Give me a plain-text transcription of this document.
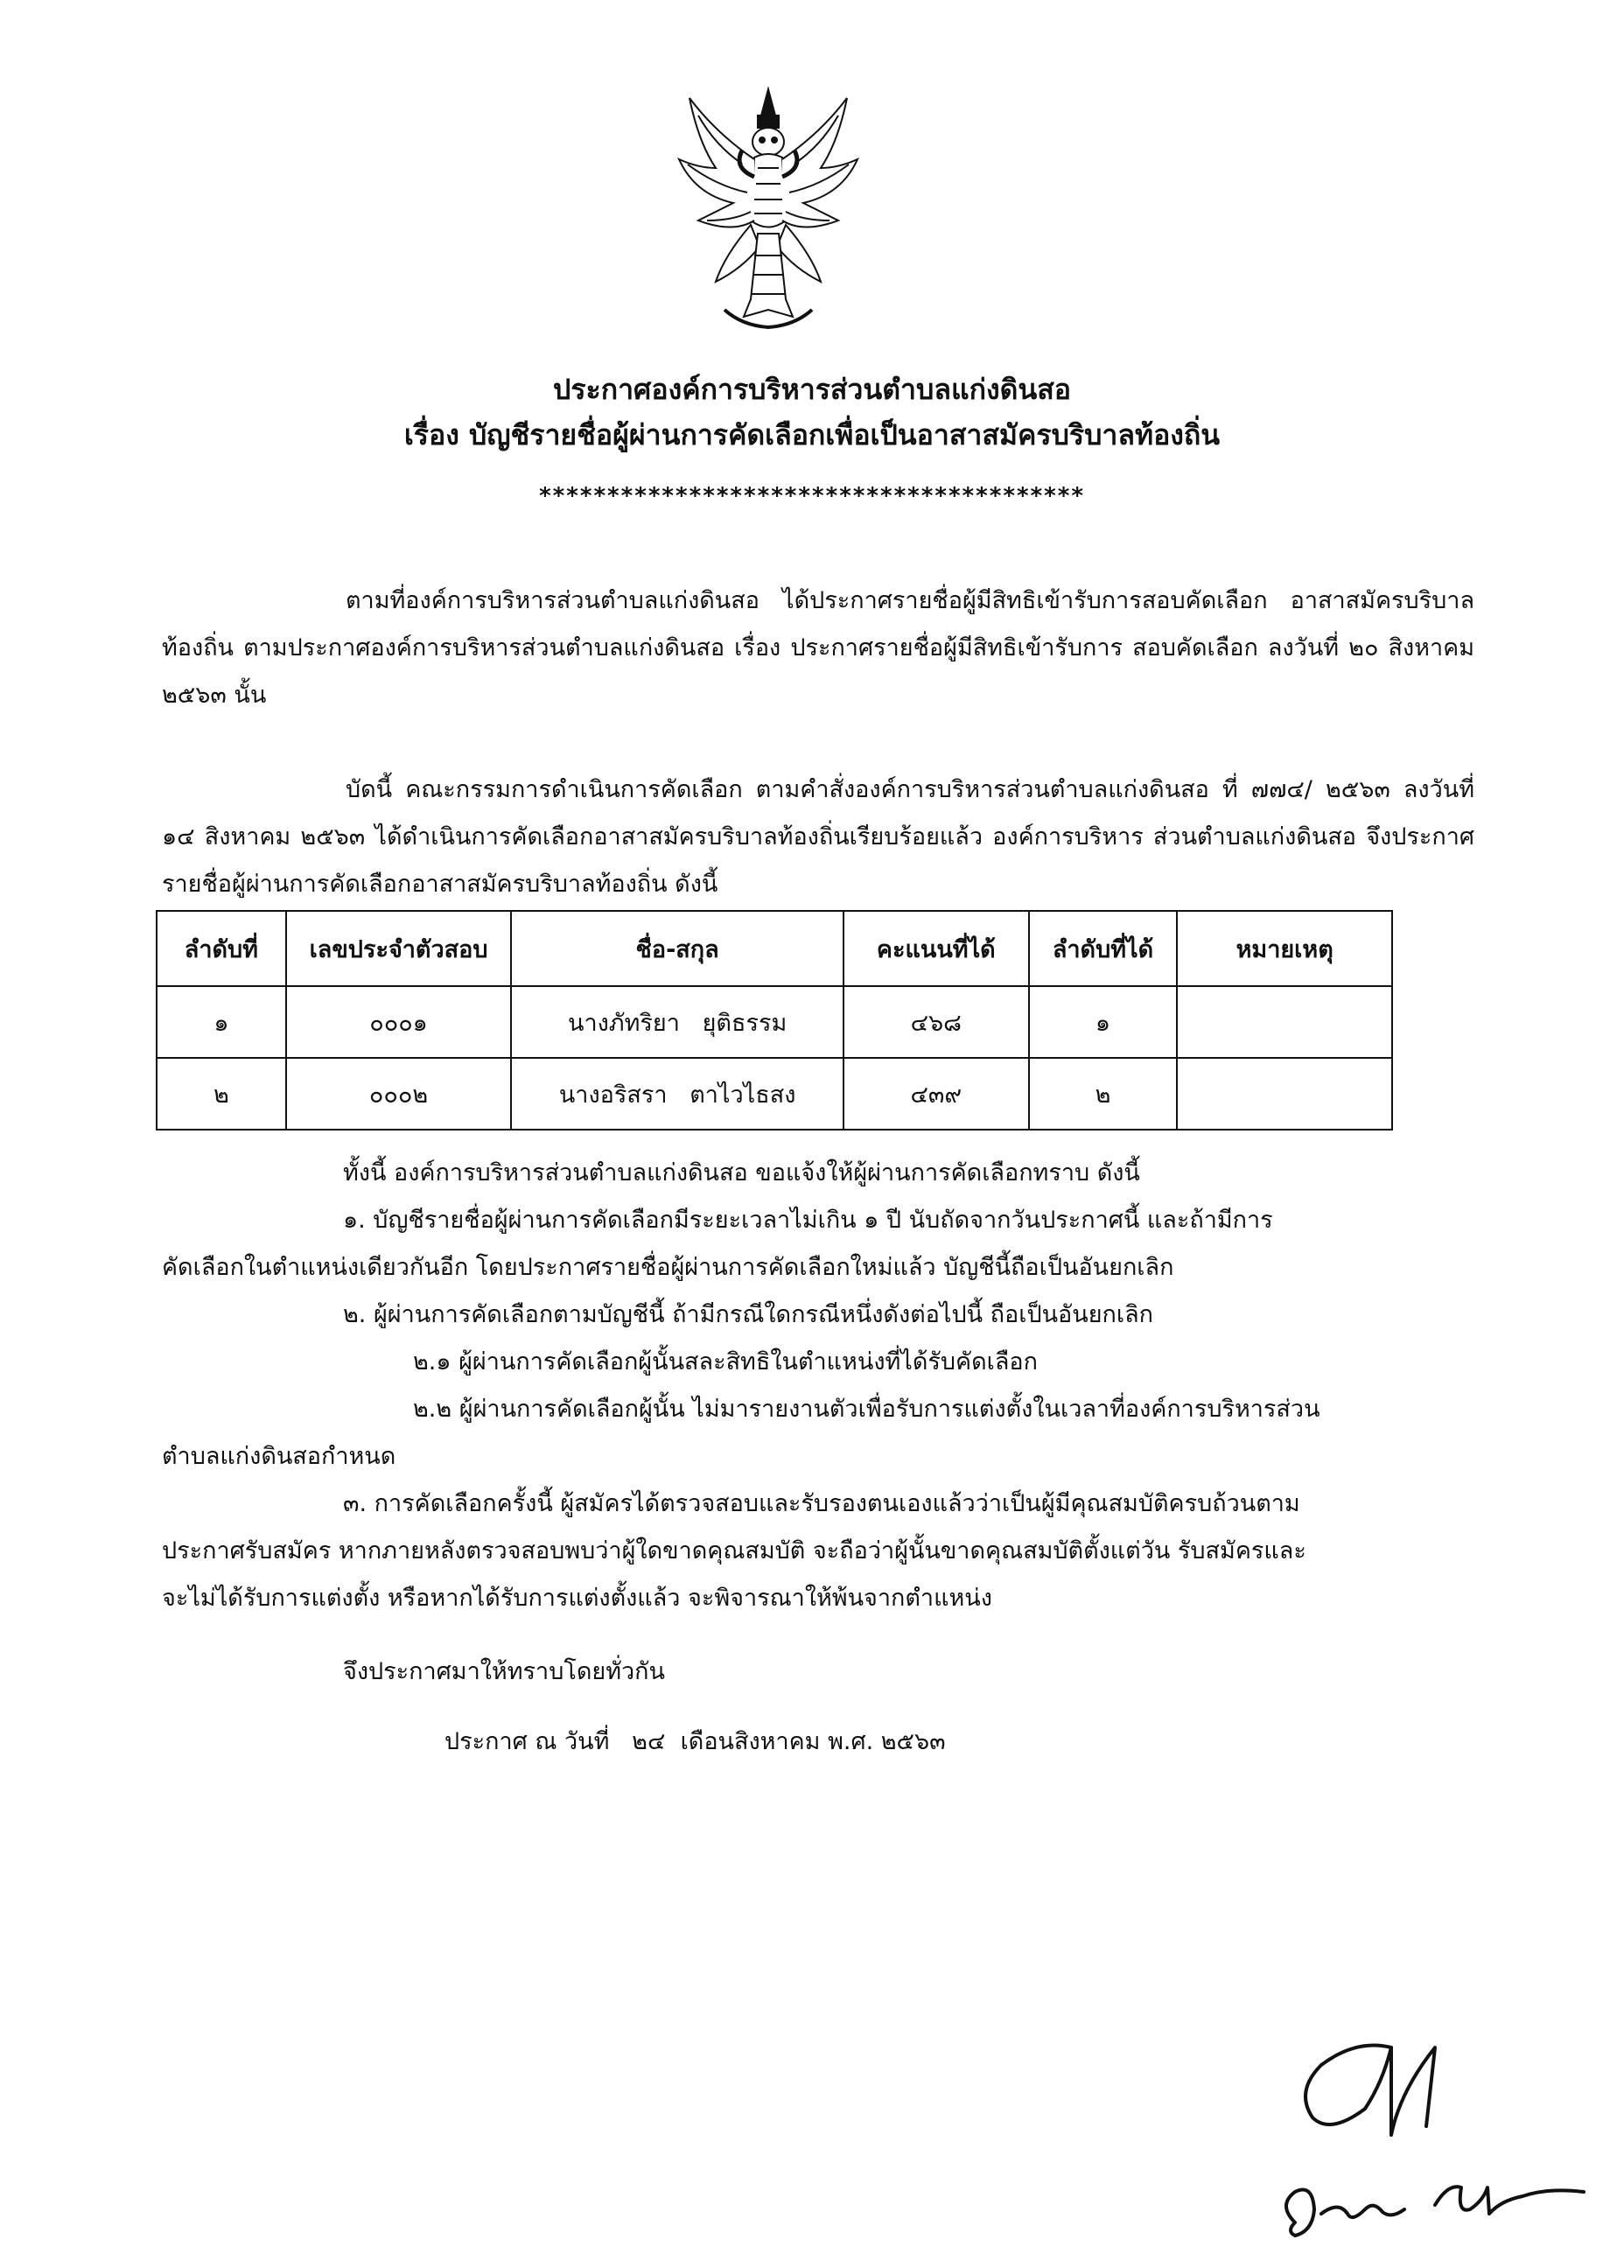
ประกาศองค์การบริหารส่วนตำบลแก่งดินสอ
เรื่อง บัญชีรายชื่อผู้ผ่านการคัดเลือกเพื่อเป็นอาสาสมัครบริบาลท้องถิ่น
****************************************

ตามที่องค์การบริหารส่วนตำบลแก่งดินสอ ได้ประกาศรายชื่อผู้มีสิทธิเข้ารับการสอบคัดเลือก อาสาสมัครบริบาลท้องถิ่น ตามประกาศองค์การบริหารส่วนตำบลแก่งดินสอ เรื่อง ประกาศรายชื่อผู้มีสิทธิเข้ารับการ สอบคัดเลือก ลงวันที่ ๒๐ สิงหาคม ๒๕๖๓ นั้น

บัดนี้ คณะกรรมการดำเนินการคัดเลือก ตามคำสั่งองค์การบริหารส่วนตำบลแก่งดินสอ ที่ ๗๗๔/ ๒๕๖๓ ลงวันที่ ๑๔ สิงหาคม ๒๕๖๓ ได้ดำเนินการคัดเลือกอาสาสมัครบริบาลท้องถิ่นเรียบร้อยแล้ว องค์การบริหาร ส่วนตำบลแก่งดินสอ จึงประกาศรายชื่อผู้ผ่านการคัดเลือกอาสาสมัครบริบาลท้องถิ่น ดังนี้

ลำดับที่	เลขประจำตัวสอบ	ชื่อ-สกุล	คะแนนที่ได้	ลำดับที่ได้	หมายเหตุ
๑	๐๐๐๑	นางภัทริยา   ยุติธรรม	๔๖๘	๑	
๒	๐๐๐๒	นางอริสรา   ตาไวไธสง	๔๓๙	๒	
ทั้งนี้ องค์การบริหารส่วนตำบลแก่งดินสอ ขอแจ้งให้ผู้ผ่านการคัดเลือกทราบ ดังนี้
๑. บัญชีรายชื่อผู้ผ่านการคัดเลือกมีระยะเวลาไม่เกิน ๑ ปี นับถัดจากวันประกาศนี้ และถ้ามีการ
คัดเลือกในตำแหน่งเดียวกันอีก โดยประกาศรายชื่อผู้ผ่านการคัดเลือกใหม่แล้ว บัญชีนี้ถือเป็นอันยกเลิก
๒. ผู้ผ่านการคัดเลือกตามบัญชีนี้ ถ้ามีกรณีใดกรณีหนึ่งดังต่อไปนี้ ถือเป็นอันยกเลิก
๒.๑ ผู้ผ่านการคัดเลือกผู้นั้นสละสิทธิในตำแหน่งที่ได้รับคัดเลือก
๒.๒ ผู้ผ่านการคัดเลือกผู้นั้น ไม่มารายงานตัวเพื่อรับการแต่งตั้งในเวลาที่องค์การบริหารส่วน
ตำบลแก่งดินสอกำหนด
๓. การคัดเลือกครั้งนี้ ผู้สมัครได้ตรวจสอบและรับรองตนเองแล้วว่าเป็นผู้มีคุณสมบัติครบถ้วนตาม
ประกาศรับสมัคร หากภายหลังตรวจสอบพบว่าผู้ใดขาดคุณสมบัติ จะถือว่าผู้นั้นขาดคุณสมบัติตั้งแต่วัน รับสมัครและ
จะไม่ได้รับการแต่งตั้ง หรือหากได้รับการแต่งตั้งแล้ว จะพิจารณาให้พ้นจากตำแหน่ง
จึงประกาศมาให้ทราบโดยทั่วกัน
ประกาศ ณ วันที่   ๒๔  เดือนสิงหาคม พ.ศ. ๒๕๖๓
